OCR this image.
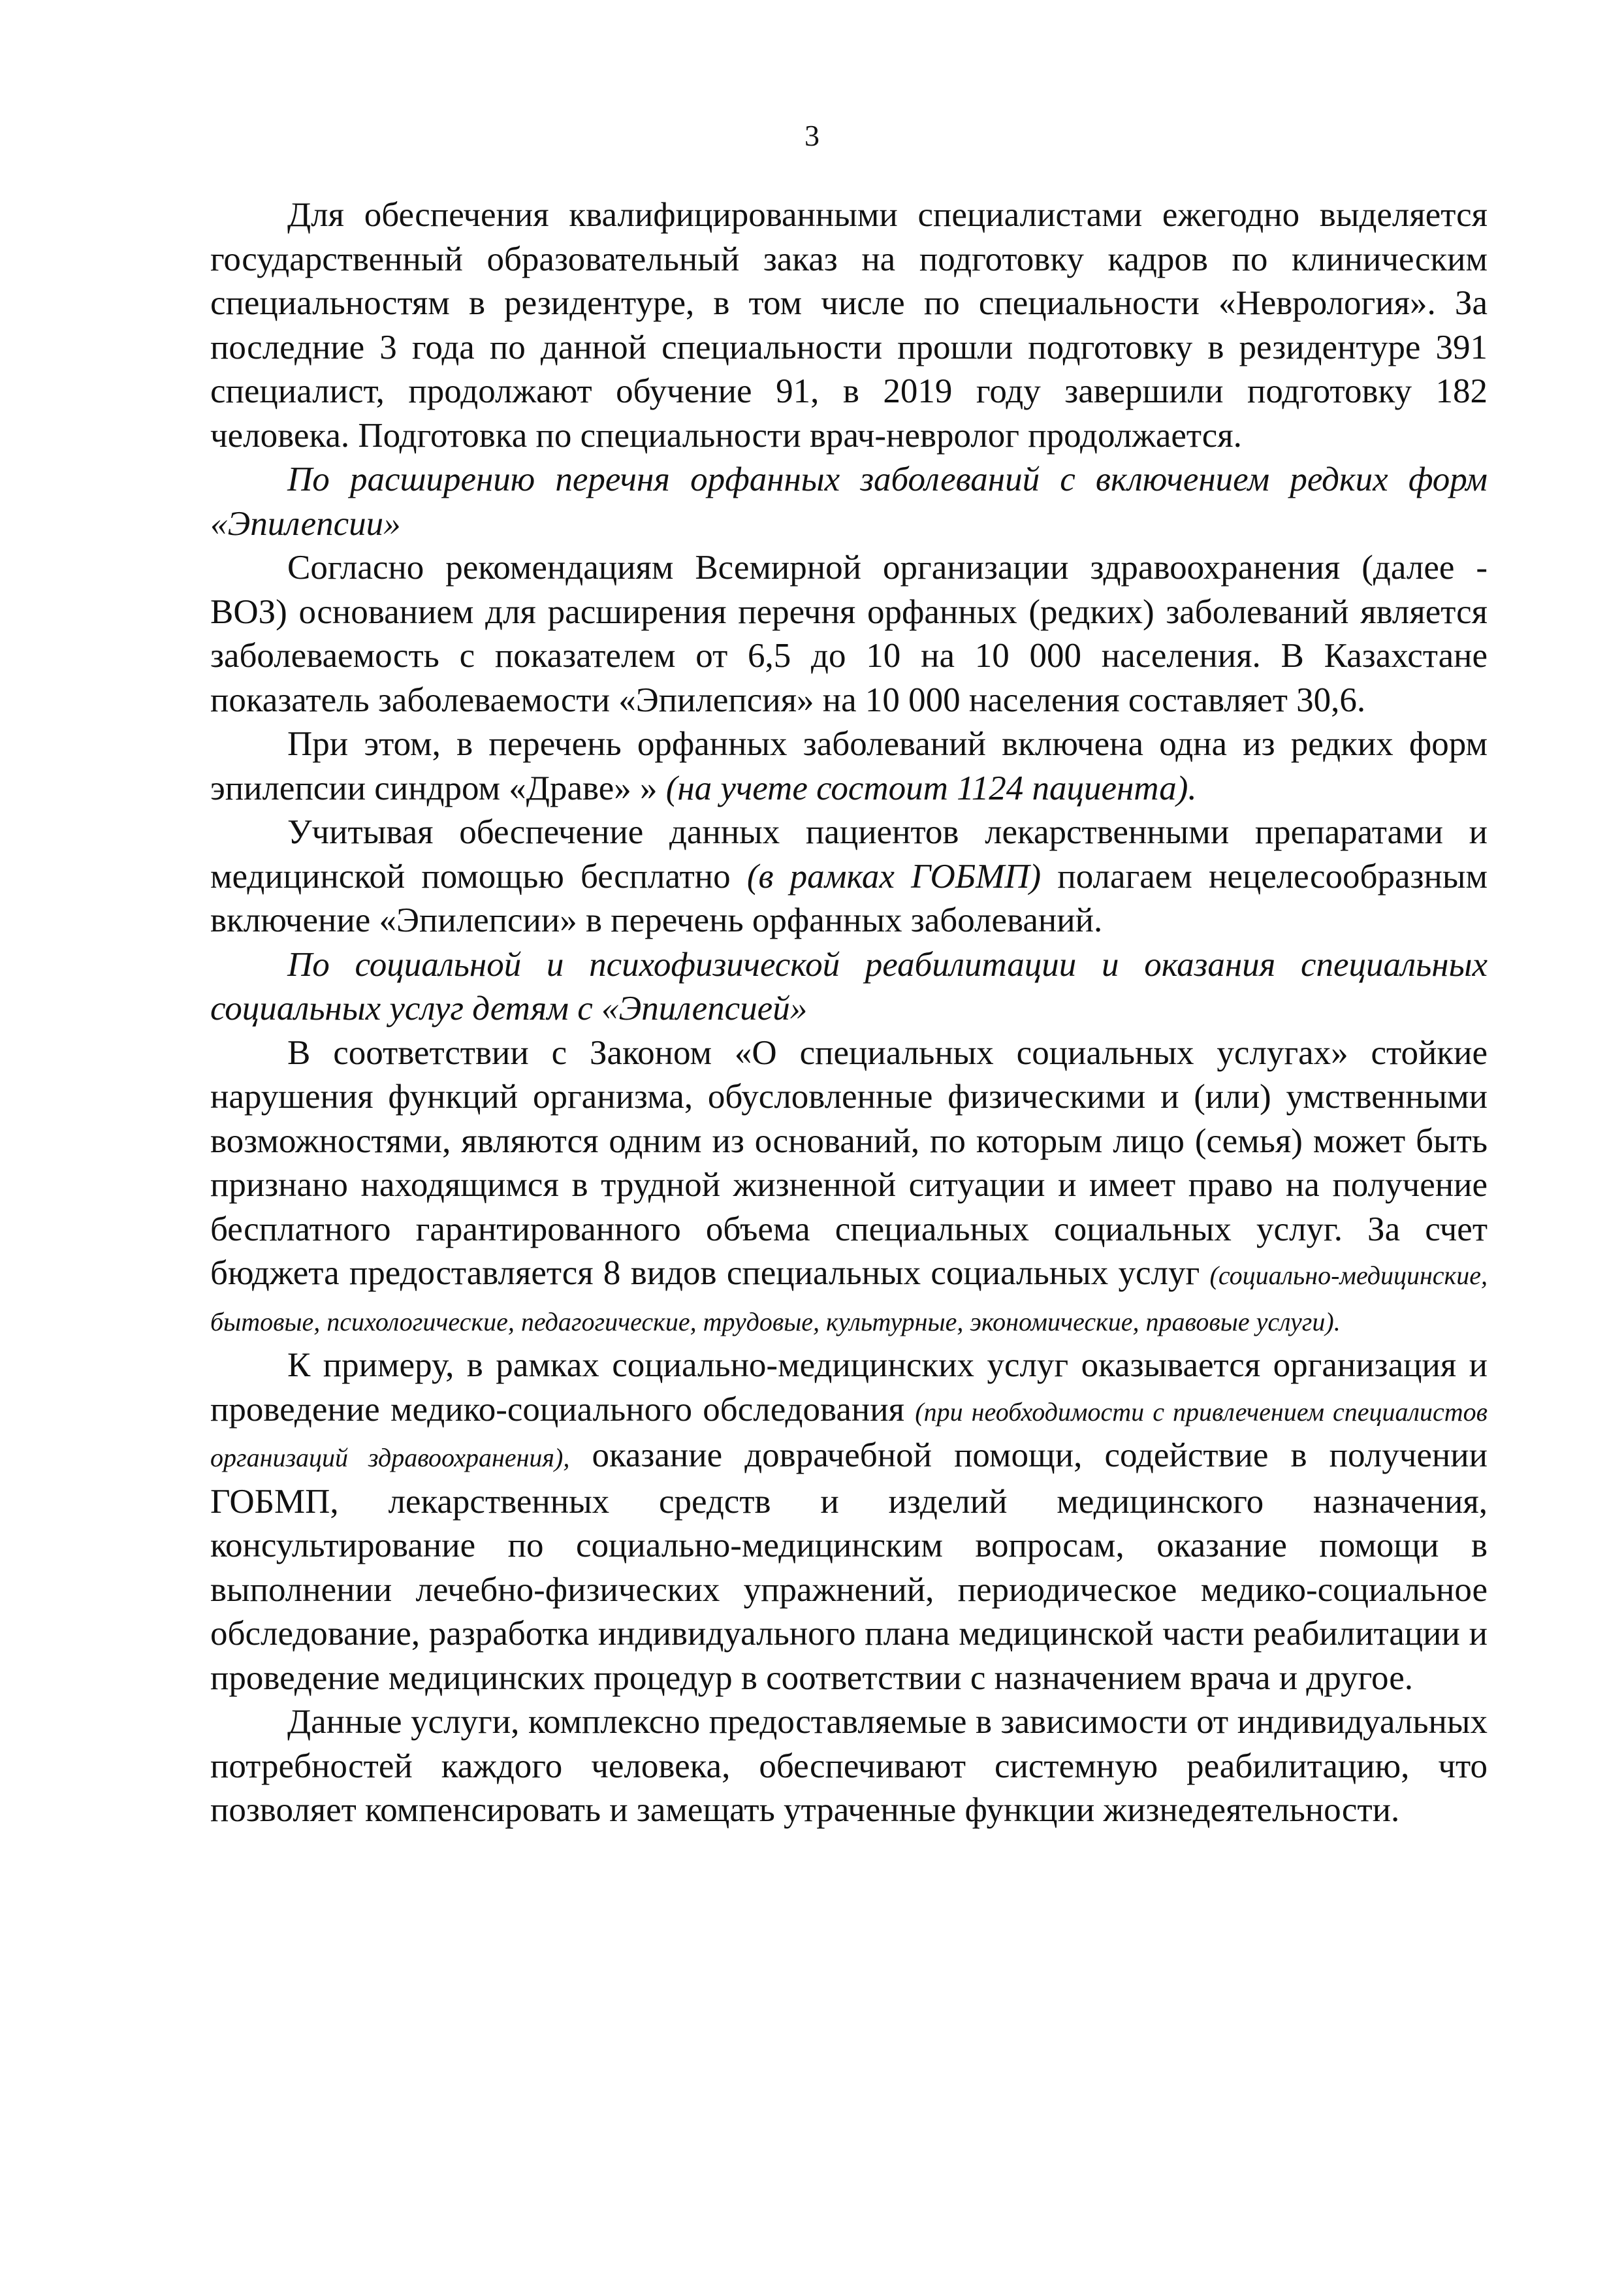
3

Для обеспечения квалифицированными специалистами ежегодно выделяется государственный образовательный заказ на подготовку кадров по клиническим специальностям в резидентуре, в том числе по специальности «Неврология». За последние 3 года по данной специальности прошли подготовку в резидентуре 391 специалист, продолжают обучение 91, в 2019 году завершили подготовку 182 человека. Подготовка по специальности врач-невролог продолжается.

По расширению перечня орфанных заболеваний с включением редких форм «Эпилепсии»

Согласно рекомендациям Всемирной организации здравоохранения (далее - ВОЗ) основанием для расширения перечня орфанных (редких) заболеваний является заболеваемость с показателем от 6,5 до 10 на 10 000 населения. В Казахстане показатель заболеваемости «Эпилепсия» на 10 000 населения составляет 30,6.

При этом, в перечень орфанных заболеваний включена одна из редких форм эпилепсии синдром «Драве» » (на учете состоит 1124 пациента).

Учитывая обеспечение данных пациентов лекарственными препаратами и медицинской помощью бесплатно (в рамках ГОБМП) полагаем нецелесообразным включение «Эпилепсии» в перечень орфанных заболеваний.

По социальной и психофизической реабилитации и оказания специальных социальных услуг детям с «Эпилепсией»

В соответствии с Законом «О специальных социальных услугах» стойкие нарушения функций организма, обусловленные физическими и (или) умственными возможностями, являются одним из оснований, по которым лицо (семья) может быть признано находящимся в трудной жизненной ситуации и имеет право на получение бесплатного гарантированного объема специальных социальных услуг. За счет бюджета предоставляется 8 видов специальных социальных услуг (социально-медицинские, бытовые, психологические, педагогические, трудовые, культурные, экономические, правовые услуги).

К примеру, в рамках социально-медицинских услуг оказывается организация и проведение медико-социального обследования (при необходимости с привлечением специалистов организаций здравоохранения), оказание доврачебной помощи, содействие в получении ГОБМП, лекарственных средств и изделий медицинского назначения, консультирование по социально-медицинским вопросам, оказание помощи в выполнении лечебно-физических упражнений, периодическое медико-социальное обследование, разработка индивидуального плана медицинской части реабилитации и проведение медицинских процедур в соответствии с назначением врача и другое.

Данные услуги, комплексно предоставляемые в зависимости от индивидуальных потребностей каждого человека, обеспечивают системную реабилитацию, что позволяет компенсировать и замещать утраченные функции жизнедеятельности.
